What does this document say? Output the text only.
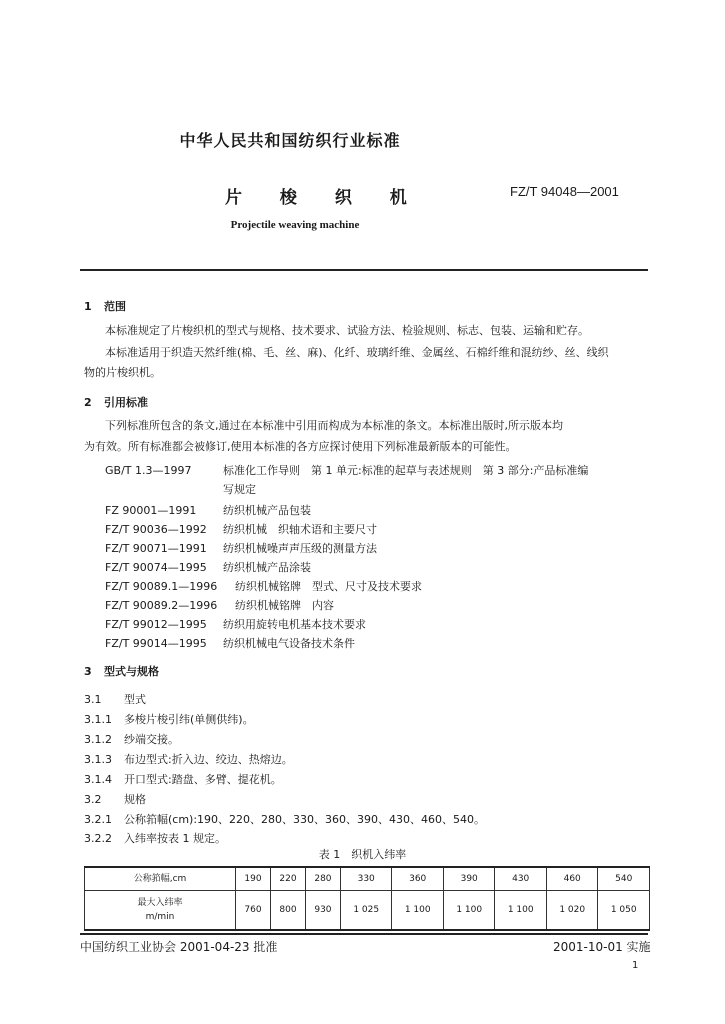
中华人民共和国纺织行业标准
片 梭 织 机	FZ/T 94048—2001
Projectile weaving machine
1 范围
本标准规定了片梭织机的型式与规格、技术要求、试验方法、检验规则、标志、包装、运输和贮存。
本标准适用于织造天然纤维(棉、毛、丝、麻)、化纤、玻璃纤维、金属丝、石棉纤维和混纺纱、丝、线织
物的片梭织机。
2 引用标准
下列标准所包含的条文,通过在本标准中引用而构成为本标准的条文。本标准出版时,所示版本均
为有效。所有标准都会被修订,使用本标准的各方应探讨使用下列标准最新版本的可能性。
GB/T 1.3—1997	标准化工作导则　第 1 单元:标准的起草与表述规则　第 3 部分:产品标准编
写规定
FZ 90001—1991 纺织机械产品包装
FZ/T 90036—1992 纺织机械　织轴术语和主要尺寸
FZ/T 90071—1991 纺织机械噪声声压级的测量方法
FZ/T 90074—1995 纺织机械产品涂装
FZ/T 90089.1—1996 纺织机械铭牌　型式、尺寸及技术要求
FZ/T 90089.2—1996 纺织机械铭牌　内容
FZ/T 99012—1995 纺织用旋转电机基本技术要求
FZ/T 99014—1995 纺织机械电气设备技术条件
3 型式与规格
3.1 型式
3.1.1 多梭片梭引纬(单侧供纬)。
3.1.2 纱端交接。
3.1.3 布边型式:折入边、绞边、热熔边。
3.1.4 开口型式:踏盘、多臂、提花机。
3.2 规格
3.2.1 公称筘幅(cm):190、220、280、330、360、390、430、460、540。
3.2.2 入纬率按表 1 规定。
表 1　织机入纬率
公称筘幅,cm	190	220	280	330	360	390	430	460	540

最大入纬率
m/min	760	800	930	1 025	1 100	1 100	1 100	1 020	1 050
中国纺织工业协会 2001-04-23 批准	2001-10-01 实施
1
